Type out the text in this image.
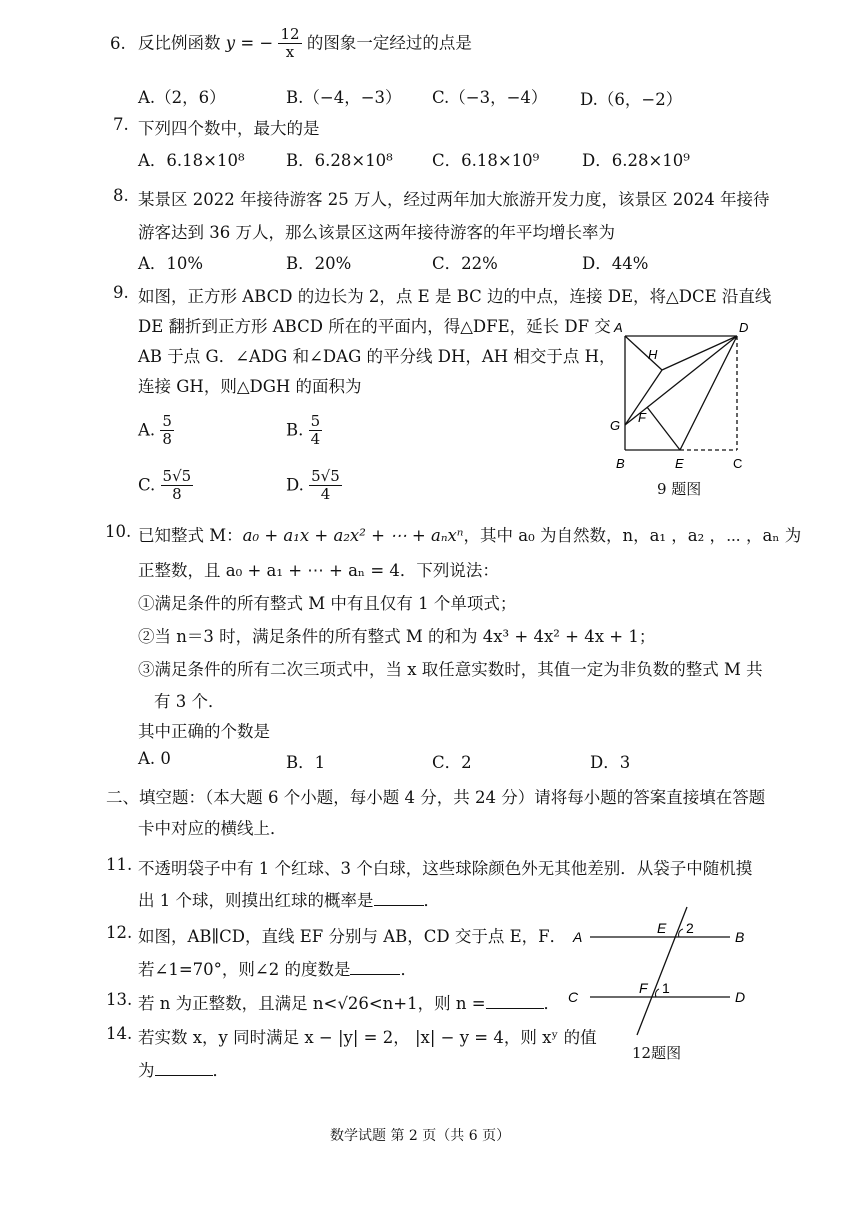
6. 反比例函数 y = − $\frac{12}{x}$ 的图象一定经过的点是
A.（2，6）	B.（−4，−3） C.（−3，−4） D.（6，−2）
7. 下列四个数中，最大的是
A．6.18×10⁸	B．6.28×10⁸ C．6.18×10⁹	D．6.28×10⁹
8. 某景区 2022 年接待游客 25 万人，经过两年加大旅游开发力度，该景区 2024 年接待
游客达到 36 万人，那么该景区这两年接待游客的年平均增长率为
A．10%	B．20%	C．22%	D．44%
9. 如图，正方形 ABCD 的边长为 2，点 E 是 BC 边的中点，连接 DE，将△DCE 沿直线
DE 翻折到正方形 ABCD 所在的平面内，得△DFE，延长 DF 交
AB 于点 G．∠ADG 和∠DAG 的平分线 DH，AH 相交于点 H，
连接 GH，则△DGH 的面积为
A. $\frac{5}{8}$	B. $\frac{5}{4}$
C. $\frac{5√5}{8}$	D. $\frac{5√5}{4}$
A	D
H
G
F
B	E	C
9 题图
10. 已知整式 M：a₀ + a₁x + a₂x² + ⋯ + aₙxⁿ，其中 a₀ 为自然数，n，a₁ ，a₂ ，⋯ ，aₙ 为
正整数，且 a₀ + a₁ + ⋯ + aₙ = 4．下列说法：
①满足条件的所有整式 M 中有且仅有 1 个单项式；
②当 n＝3 时，满足条件的所有整式 M 的和为 4x³ + 4x² + 4x + 1；
③满足条件的所有二次三项式中，当 x 取任意实数时，其值一定为非负数的整式 M 共
有 3 个．
其中正确的个数是
A. 0	B．1	C．2	D．3
二、填空题：（本大题 6 个小题，每小题 4 分，共 24 分）请将每小题的答案直接填在答题
卡中对应的横线上．
11. 不透明袋子中有 1 个红球、3 个白球，这些球除颜色外无其他差别．从袋子中随机摸
出 1 个球，则摸出红球的概率是	．
12. 如图，AB∥CD，直线 EF 分别与 AB，CD 交于点 E，F．
若∠1=70°，则∠2 的度数是	．
A	B
C	D
E
F
2
1
12题图
13. 若 n 为正整数，且满足 n<√26<n+1，则 n =	．
14. 若实数 x，y 同时满足 x − |y| = 2， |x| − y = 4，则 xʸ 的值
为	．
数学试题 第 2 页（共 6 页）
